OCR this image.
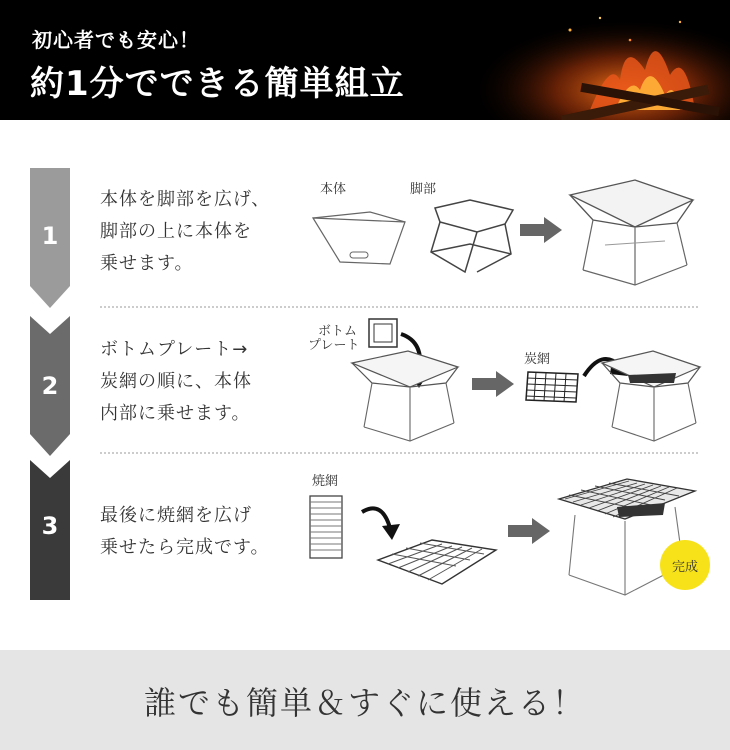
初心者でも安心！
約1分でできる簡単組立
1
2
3
本体を脚部を広げ、
脚部の上に本体を
乗せます。
ボトムプレート→
炭網の順に、本体
内部に乗せます。
最後に焼網を広げ
乗せたら完成です。
本体	脚部
ボトム
プレート
炭網
焼網
完成
誰でも簡単＆すぐに使える！
